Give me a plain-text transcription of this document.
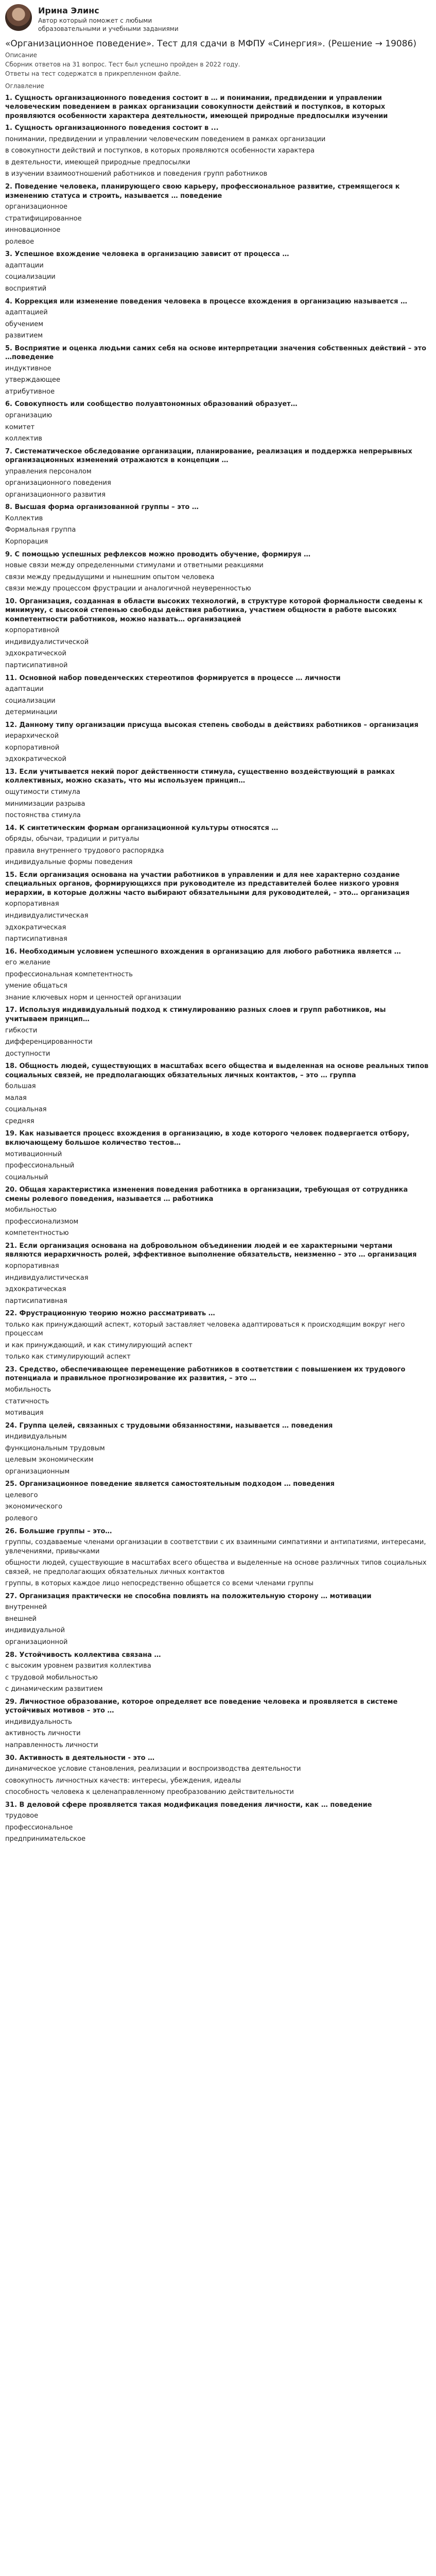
Ирина Элинс
Автор который поможет с любыми образовательными и учебными заданиями
«Организационное поведение». Тест для сдачи в МФПУ «Синергия». (Решение → 19086)
Описание
Сборник ответов на 31 вопрос. Тест был успешно пройден в 2022 году.
Ответы на тест содержатся в прикрепленном файле.
Оглавление
1. Сущность организационного поведения состоит в … и понимании, предвидении и управлении человеческим поведением в рамках организации совокупности действий и поступков, в которых проявляются особенности характера деятельности, имеющей природные предпосылки изучении
1. Сущность организационного поведения состоит в ...
понимании, предвидении и управлении человеческим поведением в рамках организации
в совокупности действий и поступков, в которых проявляются особенности характера
в деятельности, имеющей природные предпосылки
в изучении взаимоотношений работников и поведения групп работников
2. Поведение человека, планирующего свою карьеру, профессиональное развитие, стремящегося к изменению статуса и строить, называется … поведение
организационное
стратифицированное
инновационное
ролевое
3. Успешное вхождение человека в организацию зависит от процесса …
адаптации
социализации
восприятий
4. Коррекция или изменение поведения человека в процессе вхождения в организацию называется …
адаптацией
обучением
развитием
5. Восприятие и оценка людьми самих себя на основе интерпретации значения собственных действий – это …поведение
индуктивное
утверждающее
атрибутивное
6. Совокупность или сообщество полуавтономных образований образует…
организацию
комитет
коллектив
7. Систематическое обследование организации, планирование, реализация и поддержка непрерывных организационных изменений отражаются в концепции …
управления персоналом
организационного поведения
организационного развития
8. Высшая форма организованной группы – это …
Коллектив
Формальная группа
Корпорация
9. С помощью успешных рефлексов можно проводить обучение, формируя …
новые связи между определенными стимулами и ответными реакциями
связи между предыдущими и нынешним опытом человека
связи между процессом фрустрации и аналогичной неуверенностью
10. Организация, созданная в области высоких технологий, в структуре которой формальности сведены к минимуму, с высокой степенью свободы действия работника, участием общности в работе высоких компетентности работников, можно назвать… организацией
корпоративной
индивидуалистической
эдхократической
партисипативной
11. Основной набор поведенческих стереотипов формируется в процессе … личности
адаптации
социализации
детерминации
12. Данному типу организации присуща высокая степень свободы в действиях работников – организация
иерархической
корпоративной
эдхократической
13. Если учитывается некий порог действенности стимула, существенно воздействующий в рамках коллективных, можно сказать, что мы используем принцип…
ощутимости стимула
минимизации разрыва
постоянства стимула
14. К синтетическим формам организационной культуры относятся …
обряды, обычаи, традиции и ритуалы
правила внутреннего трудового распорядка
индивидуальные формы поведения
15. Если организация основана на участии работников в управлении и для нее характерно создание специальных органов, формирующихся при руководителе из представителей более низкого уровня иерархии, в которые должны часто выбирают обязательными для руководителей, – это… организация
корпоративная
индивидуалистическая
эдхократическая
партисипативная
16. Необходимым условием успешного вхождения в организацию для любого работника является …
его желание
профессиональная компетентность
умение общаться
знание ключевых норм и ценностей организации
17. Используя индивидуальный подход к стимулированию разных слоев и групп работников, мы учитываем принцип…
гибкости
дифференцированности
доступности
18. Общность людей, существующих в масштабах всего общества и выделенная на основе реальных типов социальных связей, не предполагающих обязательных личных контактов, – это … группа
большая
малая
социальная
средняя
19. Как называется процесс вхождения в организацию, в ходе которого человек подвергается отбору, включающему большое количество тестов…
мотивационный
профессиональный
социальный
20. Общая характеристика изменения поведения работника в организации, требующая от сотрудника смены ролевого поведения, называется … работника
мобильностью
профессионализмом
компетентностью
21. Если организация основана на добровольном объединении людей и ее характерными чертами являются иерархичность ролей, эффективное выполнение обязательств, неизменно – это … организация
корпоративная
индивидуалистическая
эдхократическая
партисипативная
22. Фрустрационную теорию можно рассматривать …
только как принуждающий аспект, который заставляет человека адаптироваться к происходящим вокруг него процессам
и как принуждающий, и как стимулирующий аспект
только как стимулирующий аспект
23. Средство, обеспечивающее перемещение работников в соответствии с повышением их трудового потенциала и правильное прогнозирование их развития, – это …
мобильность
статичность
мотивация
24. Группа целей, связанных с трудовыми обязанностями, называется … поведения
индивидуальным
функциональным трудовым
целевым экономическим
организационным
25. Организационное поведение является самостоятельным подходом … поведения
целевого
экономического
ролевого
26. Большие группы – это…
группы, создаваемые членами организации в соответствии с их взаимными симпатиями и антипатиями, интересами, увлечениями, привычками
общности людей, существующие в масштабах всего общества и выделенные на основе различных типов социальных связей, не предполагающих обязательных личных контактов
группы, в которых каждое лицо непосредственно общается со всеми членами группы
27. Организация практически не способна повлиять на положительную сторону … мотивации
внутренней
внешней
индивидуальной
организационной
28. Устойчивость коллектива связана …
с высоким уровнем развития коллектива
с трудовой мобильностью
с динамическим развитием
29. Личностное образование, которое определяет все поведение человека и проявляется в системе устойчивых мотивов – это …
индивидуальность
активность личности
направленность личности
30. Активность в деятельности - это …
динамическое условие становления, реализации и воспроизводства деятельности
совокупность личностных качеств: интересы, убеждения, идеалы
способность человека к целенаправленному преобразованию действительности
31. В деловой сфере проявляется такая модификация поведения личности, как … поведение
трудовое
профессиональное
предпринимательское
